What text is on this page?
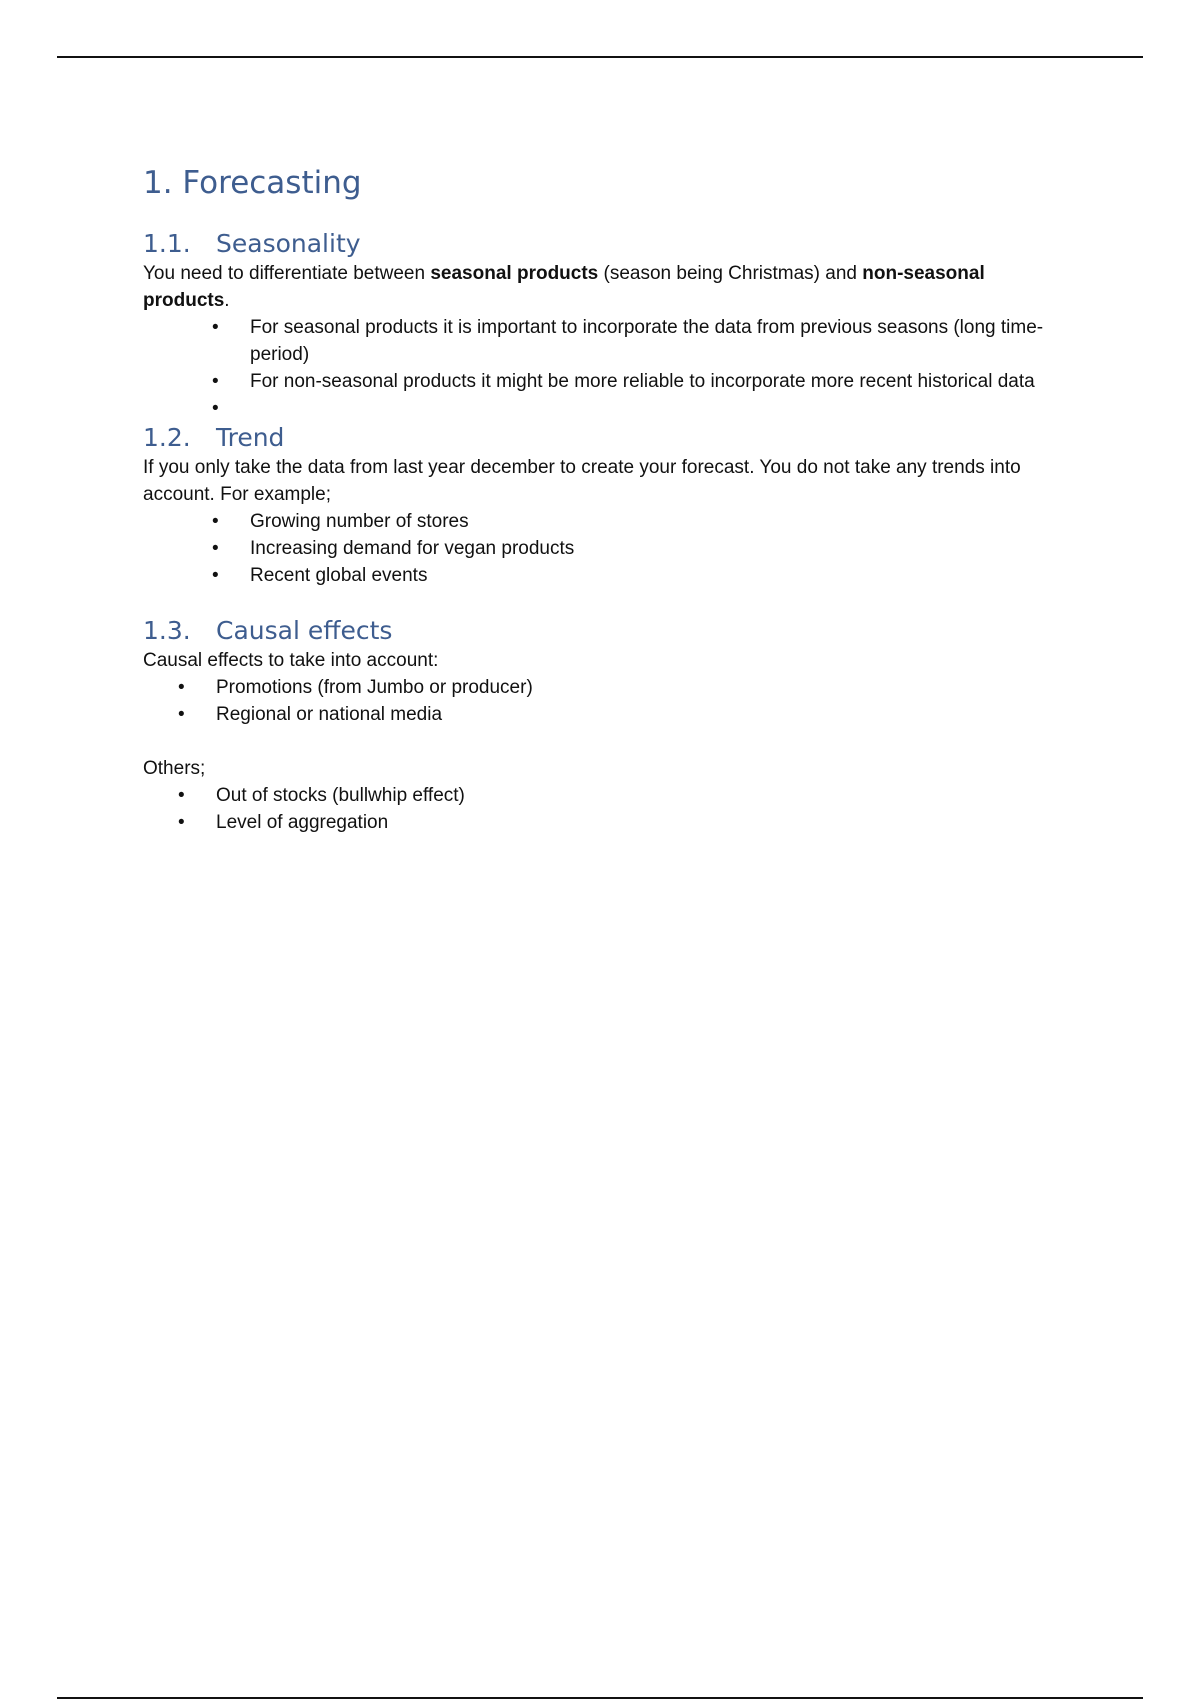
1. Forecasting
1.1.	Seasonality

You need to differentiate between seasonal products (season being Christmas) and non-seasonal products.

• For seasonal products it is important to incorporate the data from previous seasons (long time-period)
• For non-seasonal products it might be more reliable to incorporate more recent historical data
•
1.2.	Trend

If you only take the data from last year december to create your forecast. You do not take any trends into account. For example;

• Growing number of stores
• Increasing demand for vegan products
• Recent global events
1.3.	Causal effects

Causal effects to take into account:

• Promotions (from Jumbo or producer)
• Regional or national media

Others;

• Out of stocks (bullwhip effect)
• Level of aggregation
